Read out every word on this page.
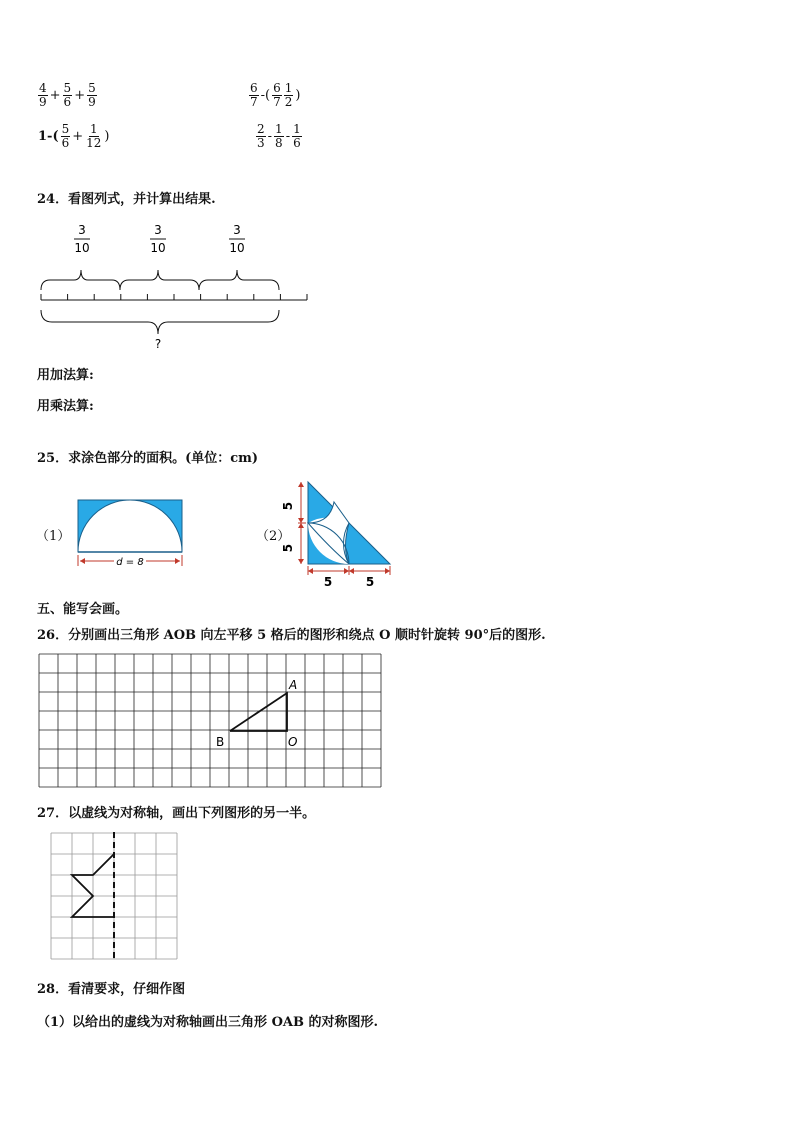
$\frac{4}{9} + \frac{5}{6} + \frac{5}{9}$	$\frac{6}{7}$ -( $\frac{6}{7} \frac{1}{2}$ )
$1-( \frac{5}{6} + \frac{1}{12}$ )	$\frac{2}{3} - \frac{1}{8} - \frac{1}{6}$
24．看图列式，并计算出结果.
3
10
3
10
3
10
?
用加法算:
用乘法算:
25．求涂色部分的面积。(单位：cm)
（1）
d = 8
（2）
5
5
5	5
五、能写会画。
26．分别画出三角形 AOB 向左平移 5 格后的图形和绕点 O 顺时针旋转 90°后的图形.
A
B	O
27．以虚线为对称轴，画出下列图形的另一半。
28．看清要求，仔细作图
（1）以给出的虚线为对称轴画出三角形 OAB 的对称图形.
